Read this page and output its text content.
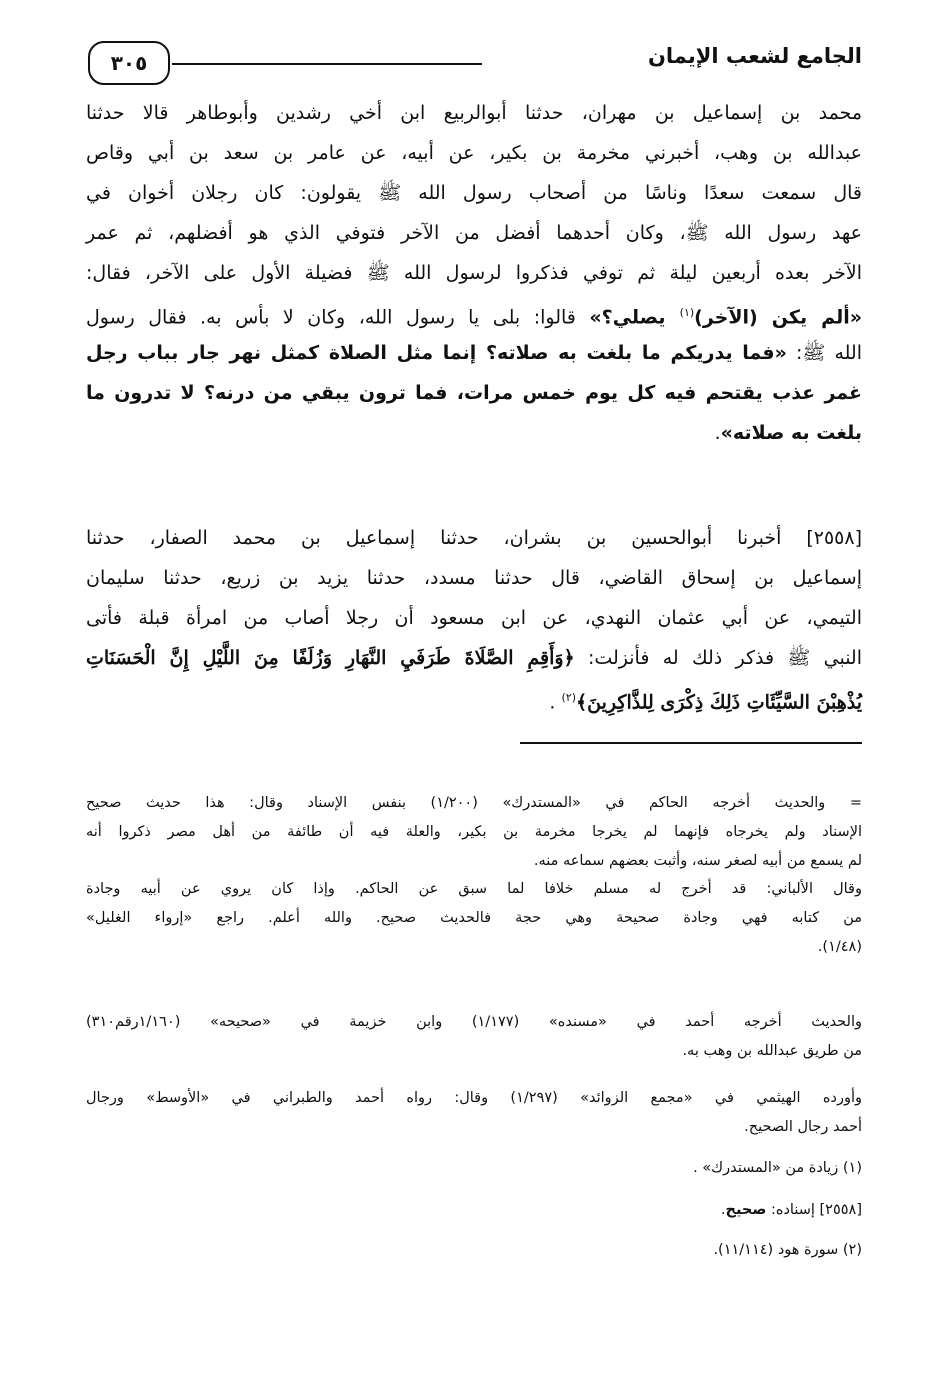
الجامع لشعب الإيمان
٣٠٥
محمد بن إسماعيل بن مهران، حدثنا أبوالربيع ابن أخي رشدين وأبوطاهر قالا حدثنا
عبدالله بن وهب، أخبرني مخرمة بن بكير، عن أبيه، عن عامر بن سعد بن أبي وقاص
قال سمعت سعدًا وناسًا من أصحاب رسول الله ﷺ يقولون: كان رجلان أخوان في
عهد رسول الله ﷺ، وكان أحدهما أفضل من الآخر فتوفي الذي هو أفضلهم، ثم عمر
الآخر بعده أربعين ليلة ثم توفي فذكروا لرسول الله ﷺ فضيلة الأول على الآخر، فقال:
«ألم يكن (الآخر)$^{(١)}$ يصلي؟» قالوا: بلى يا رسول الله، وكان لا بأس به. فقال رسول
الله ﷺ: «فما يدريكم ما بلغت به صلاته؟ إنما مثل الصلاة كمثل نهر جار بباب رجل
غمر عذب يقتحم فيه كل يوم خمس مرات، فما ترون يبقي من درنه؟ لا تدرون ما
بلغت به صلاته».
[٢٥٥٨] أخبرنا أبوالحسين بن بشران، حدثنا إسماعيل بن محمد الصفار، حدثنا
إسماعيل بن إسحاق القاضي، قال حدثنا مسدد، حدثنا يزيد بن زريع، حدثنا سليمان
التيمي، عن أبي عثمان النهدي، عن ابن مسعود أن رجلا أصاب من امرأة قبلة فأتى
النبي ﷺ فذكر ذلك له فأنزلت: ﴿وَأَقِمِ الصَّلَاةَ طَرَفَيِ النَّهَارِ وَزُلَفًا مِنَ اللَّيْلِ إِنَّ الْحَسَنَاتِ
يُذْهِبْنَ السَّيِّئَاتِ ذَلِكَ ذِكْرَى لِلذَّاكِرِينَ﴾$^{(٢)}$ .
= والحديث أخرجه الحاكم في «المستدرك» (١/٢٠٠) بنفس الإسناد وقال: هذا حديث صحيح
الإسناد ولم يخرجاه فإنهما لم يخرجا مخرمة بن بكير، والعلة فيه أن طائفة من أهل مصر ذكروا أنه
لم يسمع من أبيه لصغر سنه، وأثبت بعضهم سماعه منه.
وقال الألباني: قد أخرج له مسلم خلافا لما سبق عن الحاكم. وإذا كان يروي عن أبيه وجادة
من كتابه فهي وجادة صحيحة وهي حجة فالحديث صحيح. والله أعلم. راجع «إرواء الغليل»
(١/٤٨).
والحديث أخرجه أحمد في «مسنده» (١/١٧٧) وابن خزيمة في «صحيحه» (١/١٦٠رقم٣١٠)
من طريق عبدالله بن وهب به.
وأورده الهيثمي في «مجمع الزوائد» (١/٢٩٧) وقال: رواه أحمد والطبراني في «الأوسط» ورجال
أحمد رجال الصحيح.
(١) زيادة من «المستدرك» .
[٢٥٥٨] إسناده: صحيح.
(٢) سورة هود (١١/١١٤).
